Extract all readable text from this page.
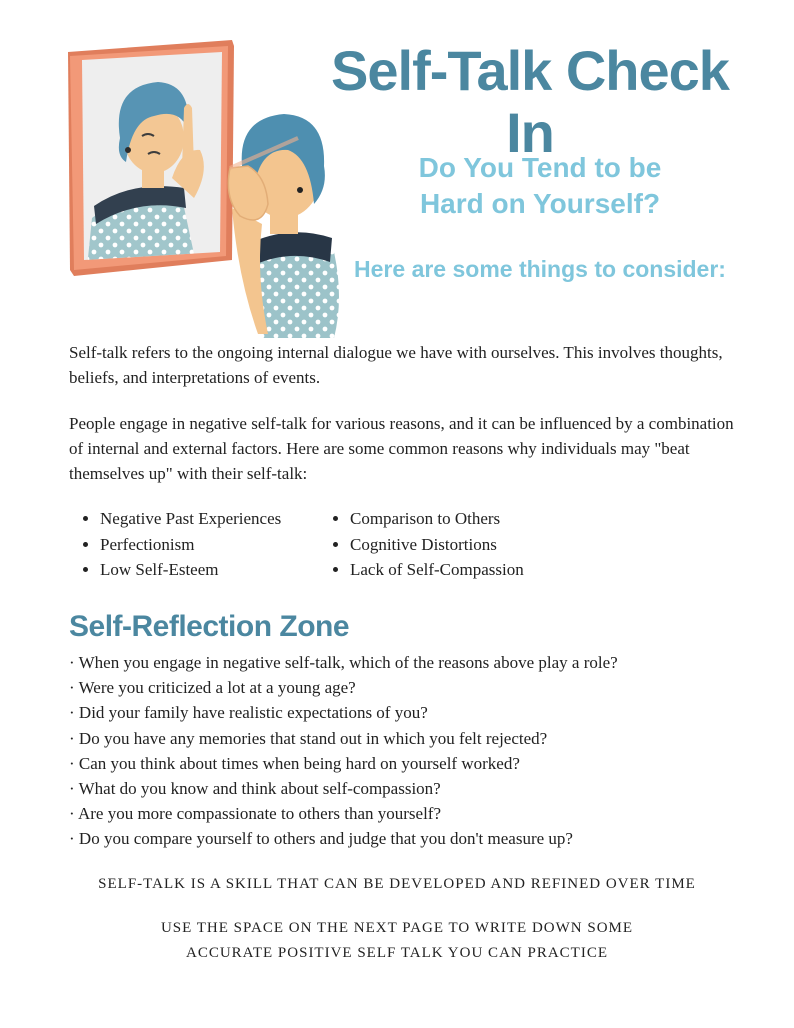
Self-Talk Check In
Do You Tend to be
Hard on Yourself?
Here are some things to consider:

Self-talk refers to the ongoing internal dialogue we have with ourselves. This involves thoughts, beliefs, and interpretations of events.

People engage in negative self-talk for various reasons, and it can be influenced by a combination of internal and external factors. Here are some common reasons why individuals may "beat themselves up" with their self-talk:

• Negative Past Experiences
• Perfectionism
• Low Self-Esteem
• Comparison to Others
• Cognitive Distortions
• Lack of Self-Compassion
Self-Reflection Zone
· When you engage in negative self-talk, which of the reasons above play a role?
· Were you criticized a lot at a young age?
· Did your family have realistic expectations of you?
· Do you have any memories that stand out in which you felt rejected?
· Can you think about times when being hard on yourself worked?
· What do you know and think about self-compassion?
· Are you more compassionate to others than yourself?
· Do you compare yourself to others and judge that you don't measure up?

SELF-TALK IS A SKILL THAT CAN BE DEVELOPED AND REFINED OVER TIME

USE THE SPACE ON THE NEXT PAGE TO WRITE DOWN SOME
ACCURATE POSITIVE SELF TALK YOU CAN PRACTICE
